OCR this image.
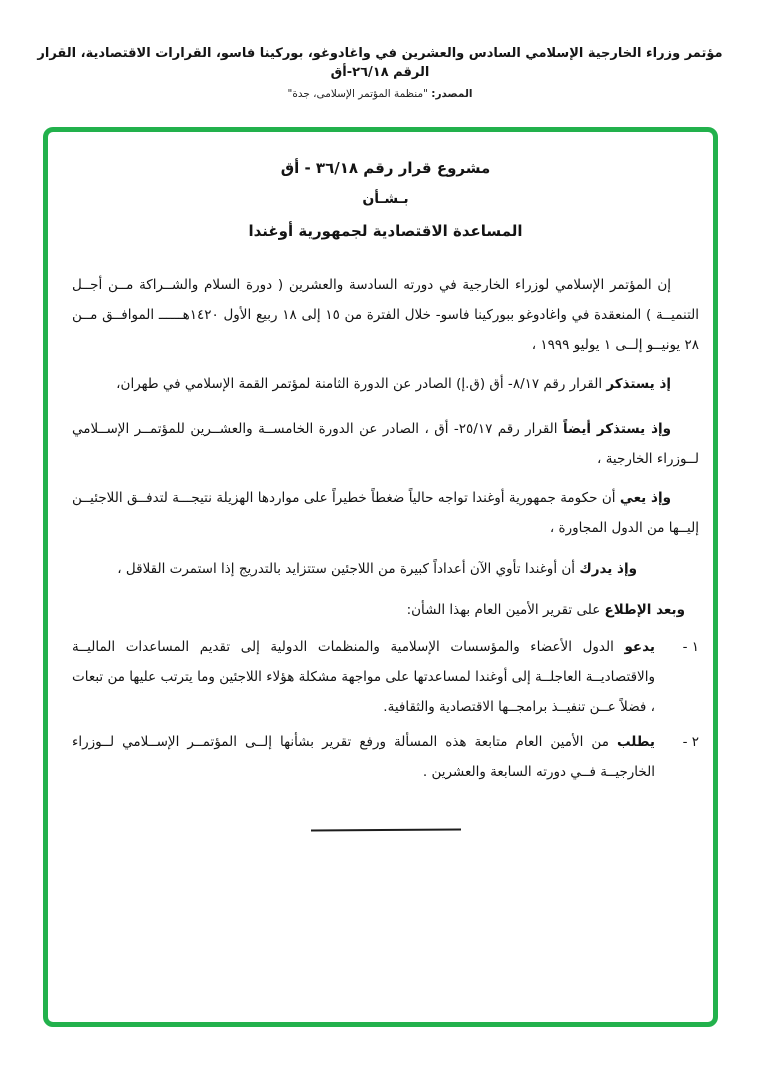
مؤتمر وزراء الخارجية الإسلامي السادس والعشرين في واغادوغو، بوركينا فاسو، القرارات الاقتصادية، القرار الرقم ٢٦/١٨-أق
المصدر: "منظمة المؤتمر الإسلامى، جدة"
مشروع قرار رقم ٣٦/١٨ - أق
بـشـأن
المساعدة الاقتصادية لجمهورية أوغندا
إن المؤتمر الإسلامي لوزراء الخارجية في دورته السادسة والعشرين ( دورة السلام والشــراكة مــن أجــل التنميــة ) المنعقدة في واغادوغو ببوركينا فاسو- خلال الفترة من ١٥ إلى ١٨ ربيع الأول ١٤٢٠هــــــ الموافــق مــن ٢٨ يونيــو إلــى ١ يوليو ١٩٩٩ ،
إذ يستذكر القرار رقم ٨/١٧- أق (ق.إ) الصادر عن الدورة الثامنة لمؤتمر القمة الإسلامي في طهران،
وإذ يستذكر أيضاً القرار رقم ٢٥/١٧- أق ، الصادر عن الدورة الخامســة والعشــرين للمؤتمــر الإســلامي لــوزراء الخارجية ،
وإذ يعي أن حكومة جمهورية أوغندا تواجه حالياً ضغطاً خطيراً على مواردها الهزيلة نتيجـــة لتدفــق اللاجئيــن إليــها من الدول المجاورة ،
وإذ يدرك أن أوغندا تأوي الآن أعداداً كبيرة من اللاجئين ستتزايد بالتدريج إذا استمرت القلاقل ،
وبعد الإطلاع على تقرير الأمين العام بهذا الشأن:
١ -
يدعو الدول الأعضاء والمؤسسات الإسلامية والمنظمات الدولية إلى تقديم المساعدات الماليــة والاقتصاديــة العاجلــة إلى أوغندا لمساعدتها على مواجهة مشكلة هؤلاء اللاجئين وما يترتب عليها من تبعات ، فضلاً عــن تنفيــذ برامجــها الاقتصادية والثقافية.
٢ -
يطلب من الأمين العام متابعة هذه المسألة ورفع تقرير بشأنها إلــى المؤتمــر الإســلامي لــوزراء الخارجيــة فــي دورته السابعة والعشرين .
